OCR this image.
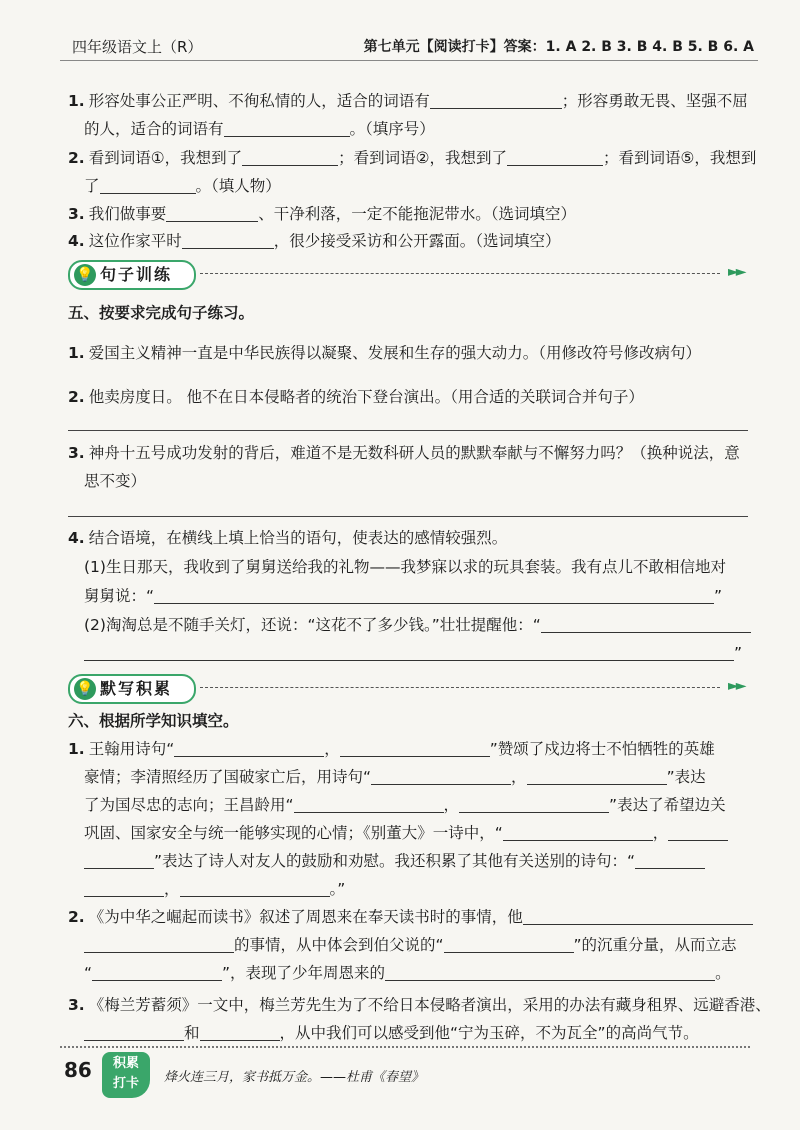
四年级语文上（R）	第七单元【阅读打卡】答案：1. A 2. B 3. B 4. B 5. B 6. A
1. 形容处事公正严明、不徇私情的人，适合的词语有	；形容勇敢无畏、坚强不屈
的人，适合的词语有	。（填序号）
2. 看到词语①，我想到了	；看到词语②，我想到了	；看到词语⑤，我想到
了	。（填人物）
3. 我们做事要	、干净利落，一定不能拖泥带水。（选词填空）
4. 这位作家平时	，很少接受采访和公开露面。（选词填空）
💡 句子训练	►►
五、按要求完成句子练习。
1. 爱国主义精神一直是中华民族得以凝聚、发展和生存的强大动力。（用修改符号修改病句）
2. 他卖房度日。 他不在日本侵略者的统治下登台演出。（用合适的关联词合并句子）
3. 神舟十五号成功发射的背后，难道不是无数科研人员的默默奉献与不懈努力吗？（换种说法，意
思不变）
4. 结合语境，在横线上填上恰当的语句，使表达的感情较强烈。
(1)生日那天，我收到了舅舅送给我的礼物——我梦寐以求的玩具套装。我有点儿不敢相信地对
舅舅说：“	”
(2)淘淘总是不随手关灯，还说：“这花不了多少钱。”壮壮提醒他：“
”
💡 默写积累	►►
六、根据所学知识填空。
1. 王翰用诗句“	，	”赞颂了戍边将士不怕牺牲的英雄
豪情；李清照经历了国破家亡后，用诗句“	，	”表达
了为国尽忠的志向；王昌龄用“	，	”表达了希望边关
巩固、国家安全与统一能够实现的心情；《别董大》一诗中，“	，
”表达了诗人对友人的鼓励和劝慰。我还积累了其他有关送别的诗句：“
，	。”
2. 《为中华之崛起而读书》叙述了周恩来在奉天读书时的事情，他
的事情，从中体会到伯父说的“	”的沉重分量，从而立志
“	”，表现了少年周恩来的	。
3. 《梅兰芳蓄须》一文中，梅兰芳先生为了不给日本侵略者演出，采用的办法有藏身租界、远避香港、
和	，从中我们可以感受到他“宁为玉碎，不为瓦全”的高尚气节。
86	积累
打卡	烽火连三月，家书抵万金。——杜甫《春望》
